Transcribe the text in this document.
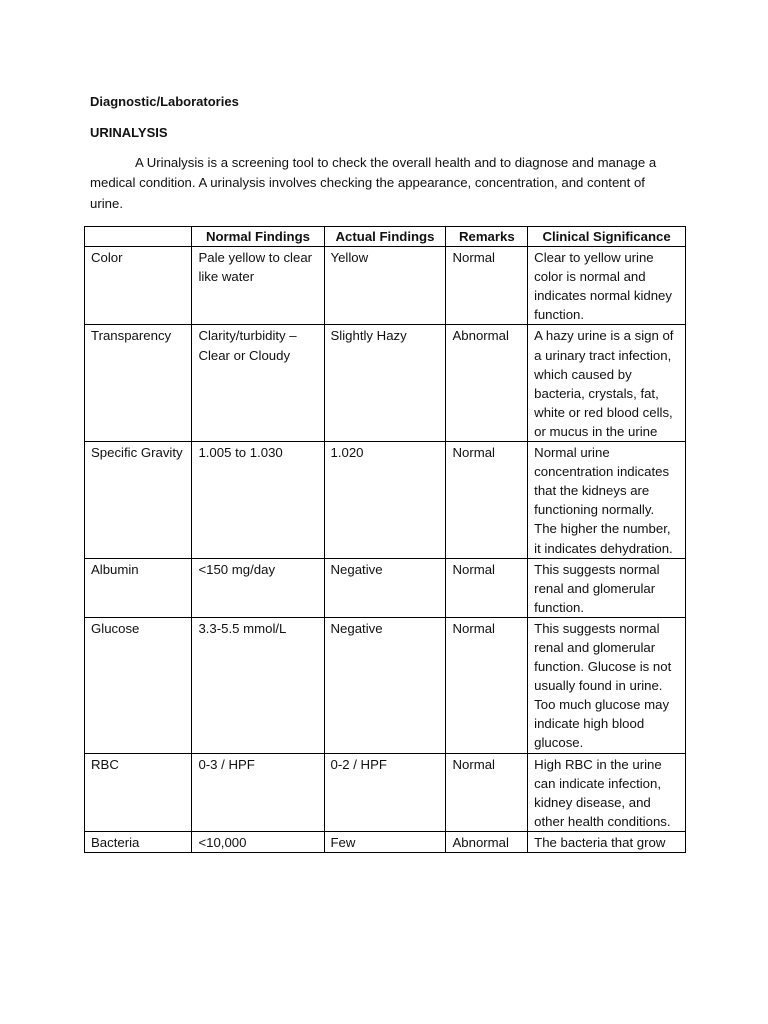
Diagnostic/Laboratories

URINALYSIS

A Urinalysis is a screening tool to check the overall health and to diagnose and manage a medical condition. A urinalysis involves checking the appearance, concentration, and content of urine.

	Normal Findings	Actual Findings	Remarks	Clinical Significance
Color	Pale yellow to clear like water	Yellow	Normal	Clear to yellow urine color is normal and indicates normal kidney function.
Transparency	Clarity/turbidity – Clear or Cloudy	Slightly Hazy	Abnormal	A hazy urine is a sign of a urinary tract infection, which caused by bacteria, crystals, fat, white or red blood cells, or mucus in the urine
Specific Gravity	1.005 to 1.030	1.020	Normal	Normal urine concentration indicates that the kidneys are functioning normally. The higher the number, it indicates dehydration.
Albumin	<150 mg/day	Negative	Normal	This suggests normal renal and glomerular function.
Glucose	3.3-5.5 mmol/L	Negative	Normal	This suggests normal renal and glomerular function. Glucose is not usually found in urine. Too much glucose may indicate high blood glucose.
RBC	0-3 / HPF	0-2 / HPF	Normal	High RBC in the urine can indicate infection, kidney disease, and other health conditions.
Bacteria	<10,000	Few	Abnormal	The bacteria that grow
